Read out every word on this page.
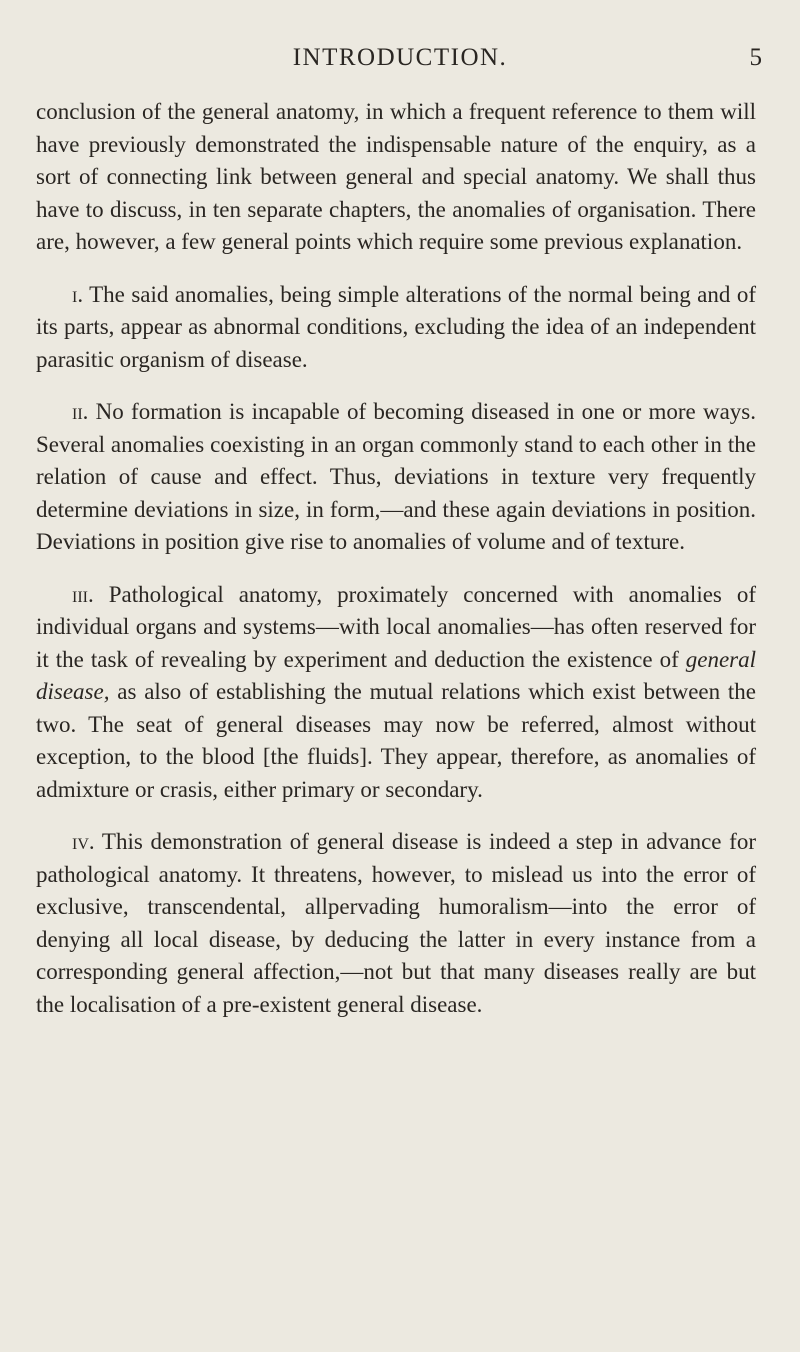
INTRODUCTION.	5

conclusion of the general anatomy, in which a frequent reference to them will have previously demonstrated the indispensable nature of the enquiry, as a sort of connecting link between general and special anatomy. We shall thus have to discuss, in ten separate chapters, the anomalies of organisation. There are, however, a few general points which require some previous explanation.

i. The said anomalies, being simple alterations of the normal being and of its parts, appear as abnormal conditions, excluding the idea of an independent parasitic organism of disease.

ii. No formation is incapable of becoming diseased in one or more ways. Several anomalies coexisting in an organ commonly stand to each other in the relation of cause and effect. Thus, deviations in texture very frequently determine deviations in size, in form,—and these again deviations in position. Deviations in position give rise to anomalies of volume and of texture.

iii. Pathological anatomy, proximately concerned with anomalies of individual organs and systems—with local anomalies—has often reserved for it the task of revealing by experiment and deduction the existence of general disease, as also of establishing the mutual relations which exist between the two. The seat of general diseases may now be referred, almost without exception, to the blood [the fluids]. They appear, therefore, as anomalies of admixture or crasis, either primary or secondary.

iv. This demonstration of general disease is indeed a step in advance for pathological anatomy. It threatens, however, to mislead us into the error of exclusive, transcendental, allpervading humoralism—into the error of denying all local disease, by deducing the latter in every instance from a corresponding general affection,—not but that many diseases really are but the localisation of a pre-existent general disease.
